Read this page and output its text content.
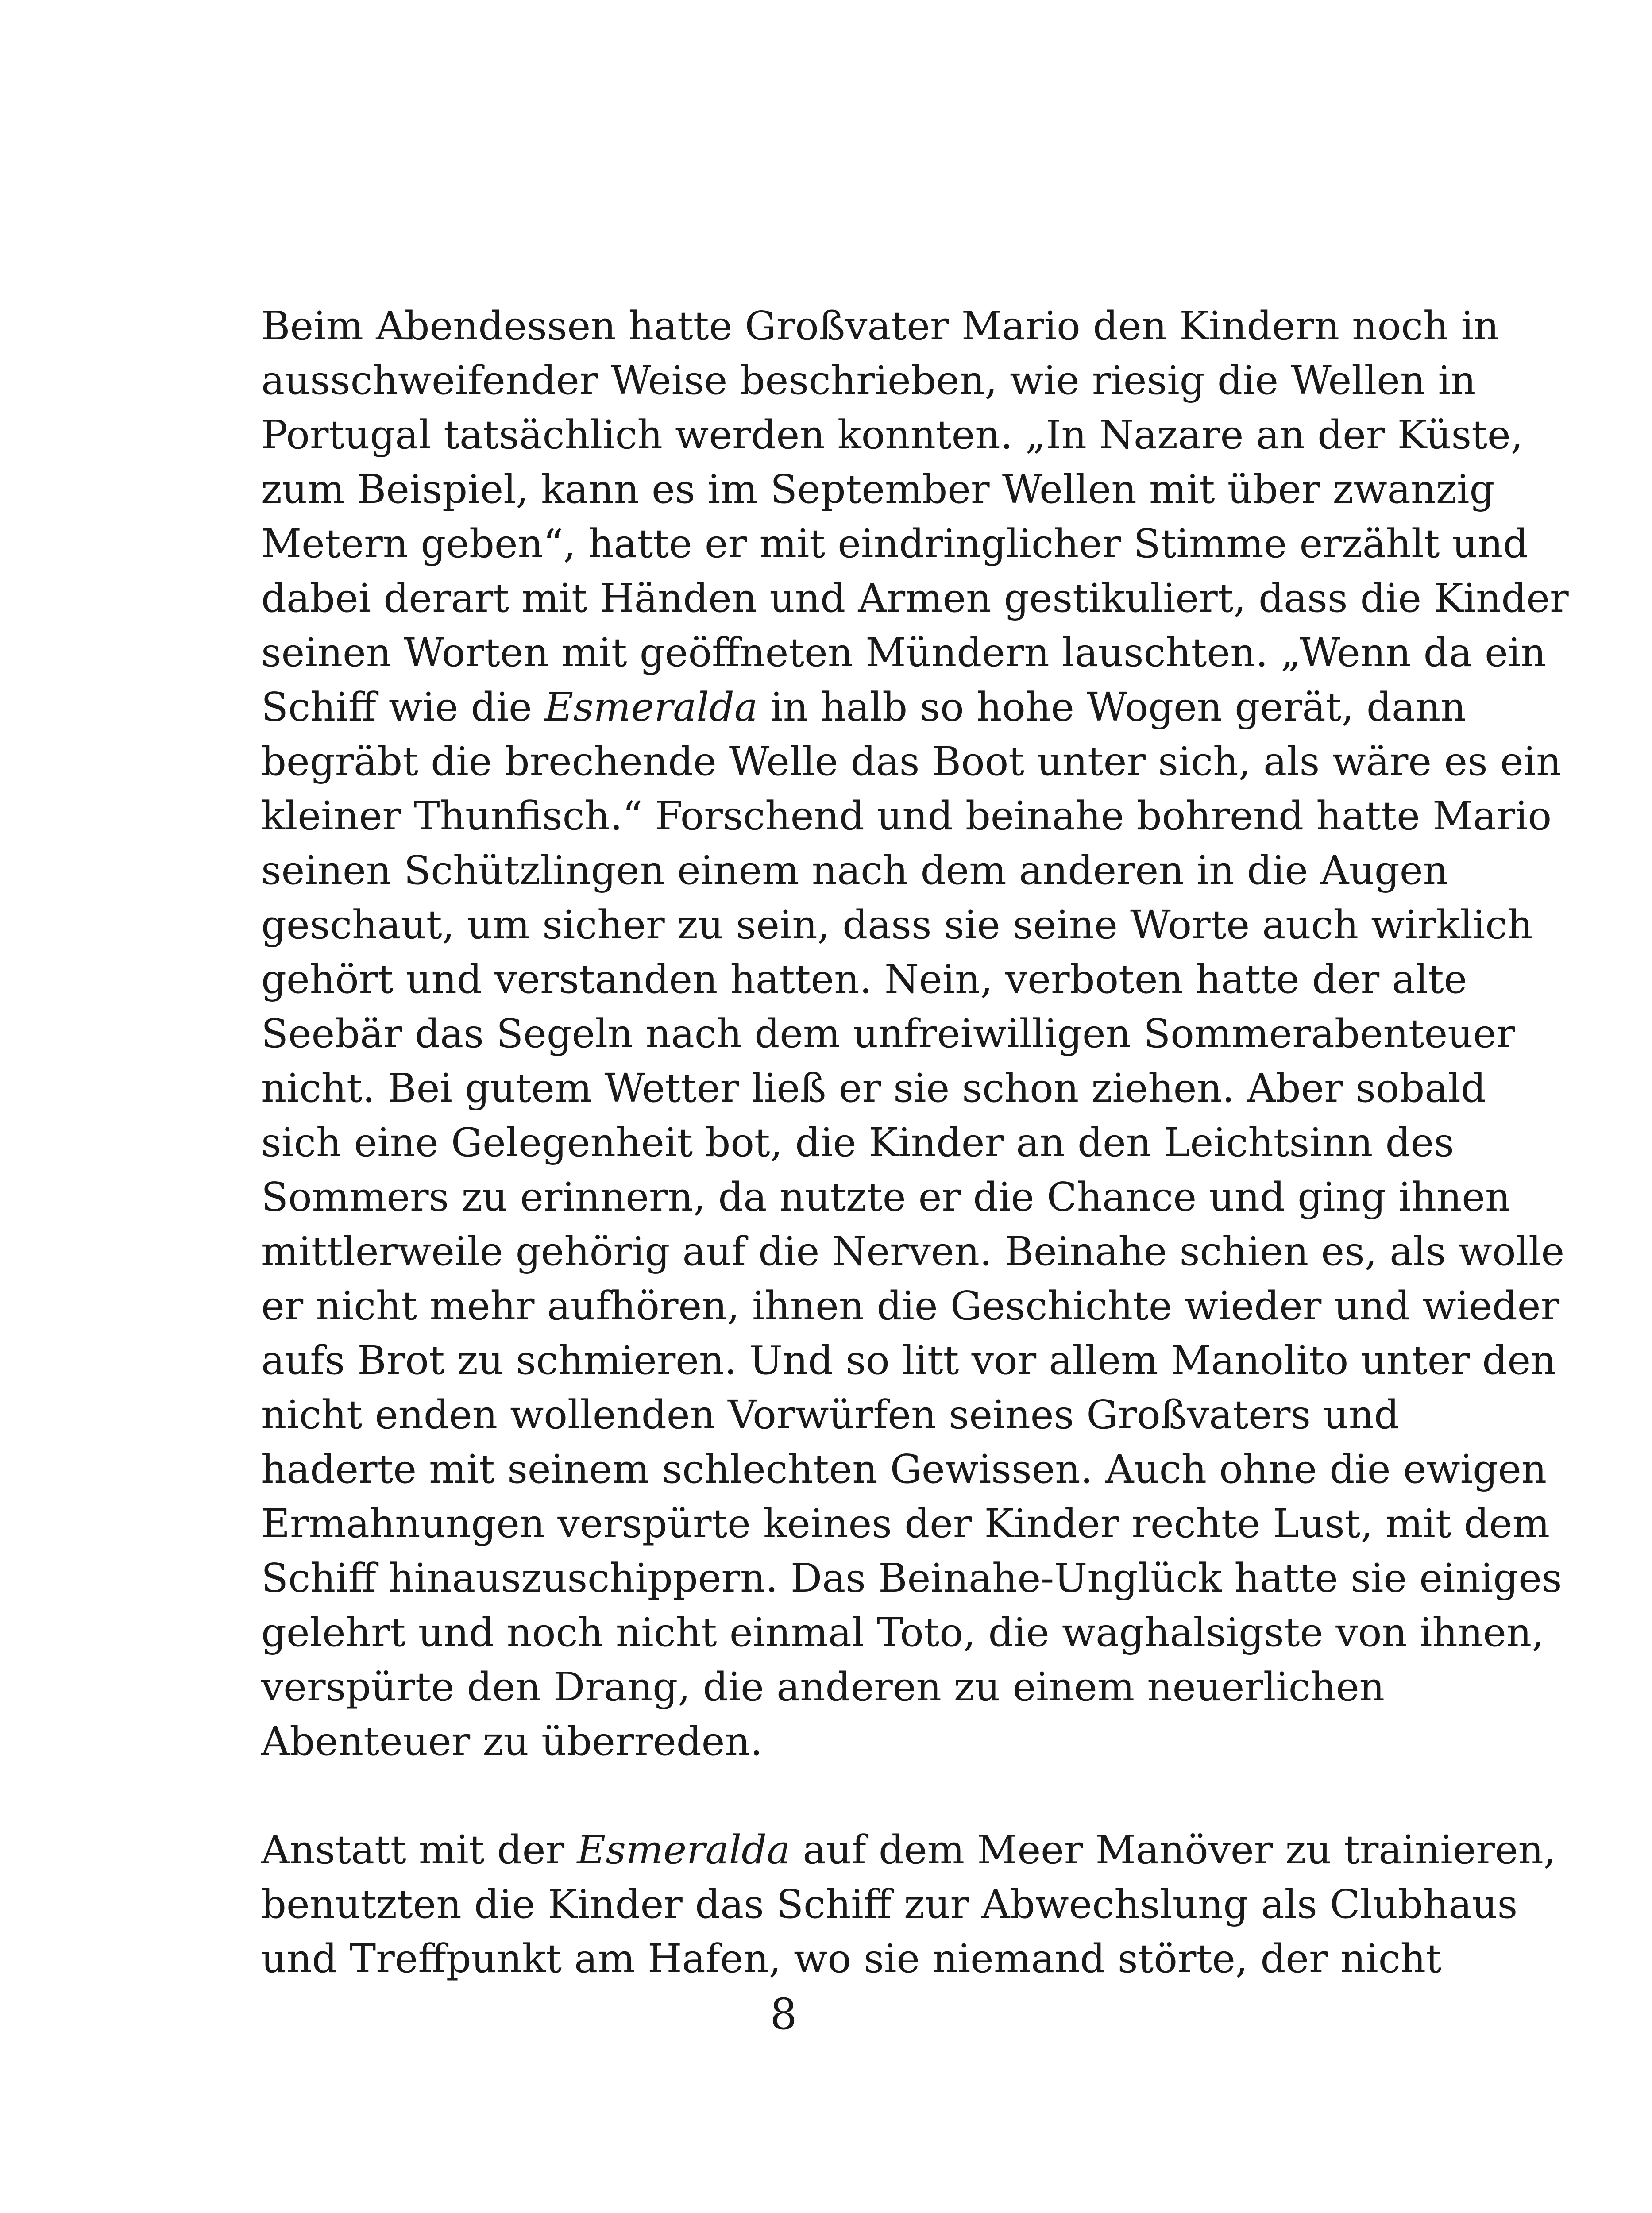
Beim Abendessen hatte Großvater Mario den Kindern noch in
ausschweifender Weise beschrieben, wie riesig die Wellen in
Portugal tatsächlich werden konnten. „In Nazare an der Küste,
zum Beispiel, kann es im September Wellen mit über zwanzig
Metern geben“, hatte er mit eindringlicher Stimme erzählt und
dabei derart mit Händen und Armen gestikuliert, dass die Kinder
seinen Worten mit geöffneten Mündern lauschten. „Wenn da ein
Schiff wie die Esmeralda in halb so hohe Wogen gerät, dann
begräbt die brechende Welle das Boot unter sich, als wäre es ein
kleiner Thunfisch.“ Forschend und beinahe bohrend hatte Mario
seinen Schützlingen einem nach dem anderen in die Augen
geschaut, um sicher zu sein, dass sie seine Worte auch wirklich
gehört und verstanden hatten. Nein, verboten hatte der alte
Seebär das Segeln nach dem unfreiwilligen Sommerabenteuer
nicht. Bei gutem Wetter ließ er sie schon ziehen. Aber sobald
sich eine Gelegenheit bot, die Kinder an den Leichtsinn des
Sommers zu erinnern, da nutzte er die Chance und ging ihnen
mittlerweile gehörig auf die Nerven. Beinahe schien es, als wolle
er nicht mehr aufhören, ihnen die Geschichte wieder und wieder
aufs Brot zu schmieren. Und so litt vor allem Manolito unter den
nicht enden wollenden Vorwürfen seines Großvaters und
haderte mit seinem schlechten Gewissen. Auch ohne die ewigen
Ermahnungen verspürte keines der Kinder rechte Lust, mit dem
Schiff hinauszuschippern. Das Beinahe-Unglück hatte sie einiges
gelehrt und noch nicht einmal Toto, die waghalsigste von ihnen,
verspürte den Drang, die anderen zu einem neuerlichen
Abenteuer zu überreden.
Anstatt mit der Esmeralda auf dem Meer Manöver zu trainieren,
benutzten die Kinder das Schiff zur Abwechslung als Clubhaus
und Treffpunkt am Hafen, wo sie niemand störte, der nicht
8
